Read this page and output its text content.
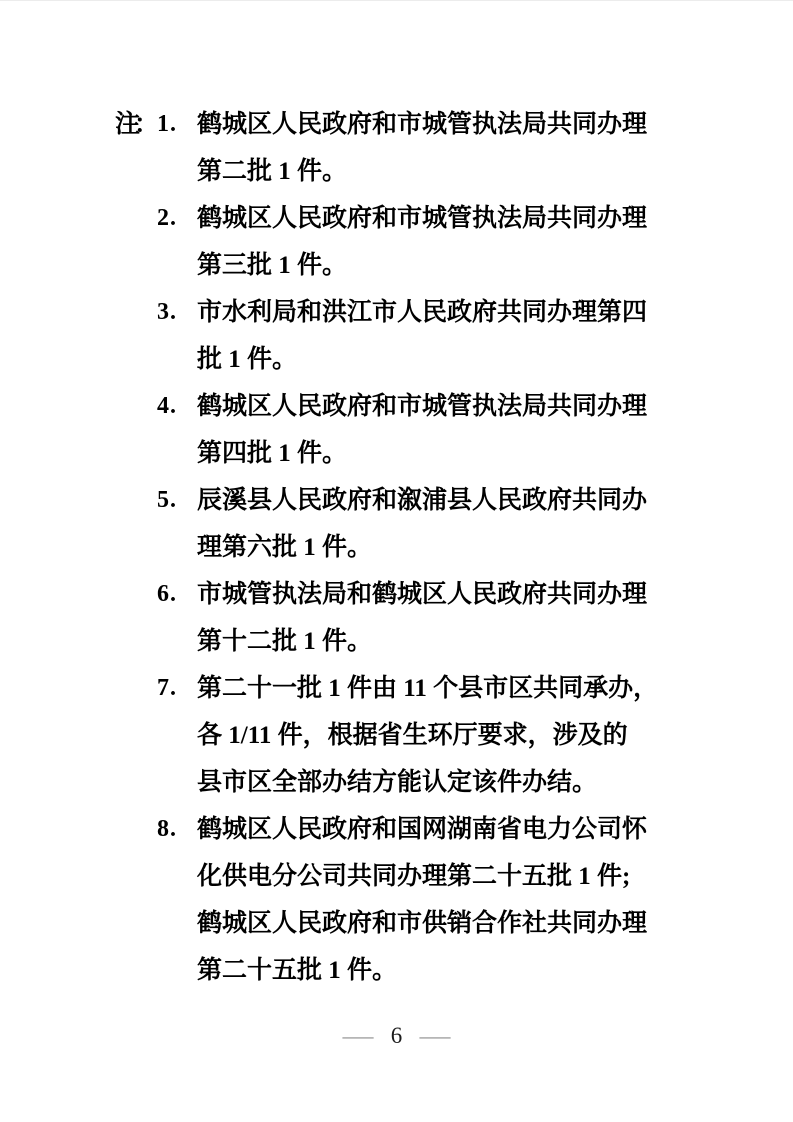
注： 1. 鹤城区人民政府和市城管执法局共同办理
第二批 1 件。
2. 鹤城区人民政府和市城管执法局共同办理
第三批 1 件。
3. 市水利局和洪江市人民政府共同办理第四
批 1 件。
4. 鹤城区人民政府和市城管执法局共同办理
第四批 1 件。
5. 辰溪县人民政府和溆浦县人民政府共同办
理第六批 1 件。
6. 市城管执法局和鹤城区人民政府共同办理
第十二批 1 件。
7. 第二十一批 1 件由 11 个县市区共同承办，
各 1/11 件，根据省生环厅要求，涉及的
县市区全部办结方能认定该件办结。
8. 鹤城区人民政府和国网湖南省电力公司怀
化供电分公司共同办理第二十五批 1 件;
鹤城区人民政府和市供销合作社共同办理
第二十五批 1 件。
— 6 —
